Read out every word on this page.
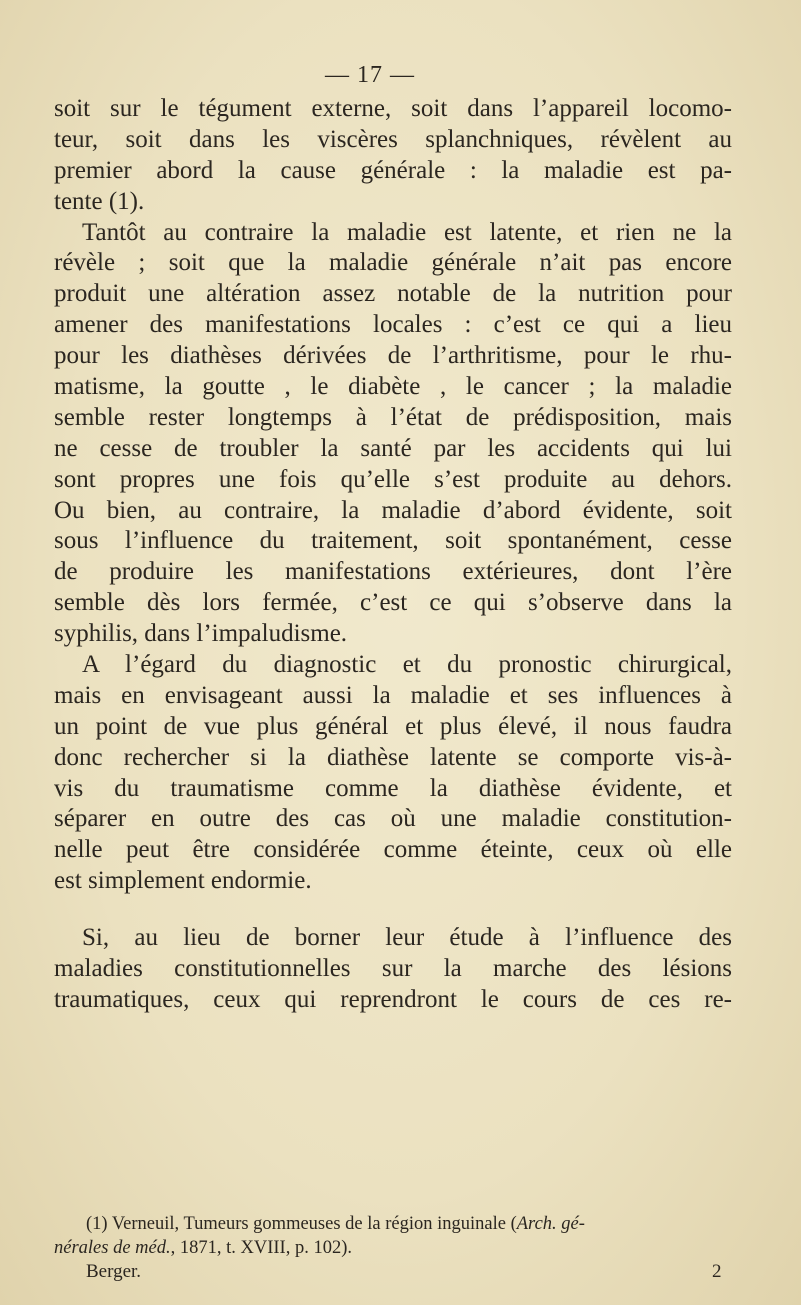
— 17 —
soit sur le tégument externe, soit dans l’appareil locomo-
teur, soit dans les viscères splanchniques, révèlent au
premier abord la cause générale : la maladie est pa-
tente (1).
Tantôt au contraire la maladie est latente, et rien ne la
révèle ; soit que la maladie générale n’ait pas encore
produit une altération assez notable de la nutrition pour
amener des manifestations locales : c’est ce qui a lieu
pour les diathèses dérivées de l’arthritisme, pour le rhu-
matisme, la goutte , le diabète , le cancer ; la maladie
semble rester longtemps à l’état de prédisposition, mais
ne cesse de troubler la santé par les accidents qui lui
sont propres une fois qu’elle s’est produite au dehors.
Ou bien, au contraire, la maladie d’abord évidente, soit
sous l’influence du traitement, soit spontanément, cesse
de produire les manifestations extérieures, dont l’ère
semble dès lors fermée, c’est ce qui s’observe dans la
syphilis, dans l’impaludisme.
A l’égard du diagnostic et du pronostic chirurgical,
mais en envisageant aussi la maladie et ses influences à
un point de vue plus général et plus élevé, il nous faudra
donc rechercher si la diathèse latente se comporte vis-à-
vis du traumatisme comme la diathèse évidente, et
séparer en outre des cas où une maladie constitution-
nelle peut être considérée comme éteinte, ceux où elle
est simplement endormie.
Si, au lieu de borner leur étude à l’influence des
maladies constitutionnelles sur la marche des lésions
traumatiques, ceux qui reprendront le cours de ces re-
(1) Verneuil, Tumeurs gommeuses de la région inguinale (Arch. gé-
nérales de méd., 1871, t. XVIII, p. 102).
Berger.	2
